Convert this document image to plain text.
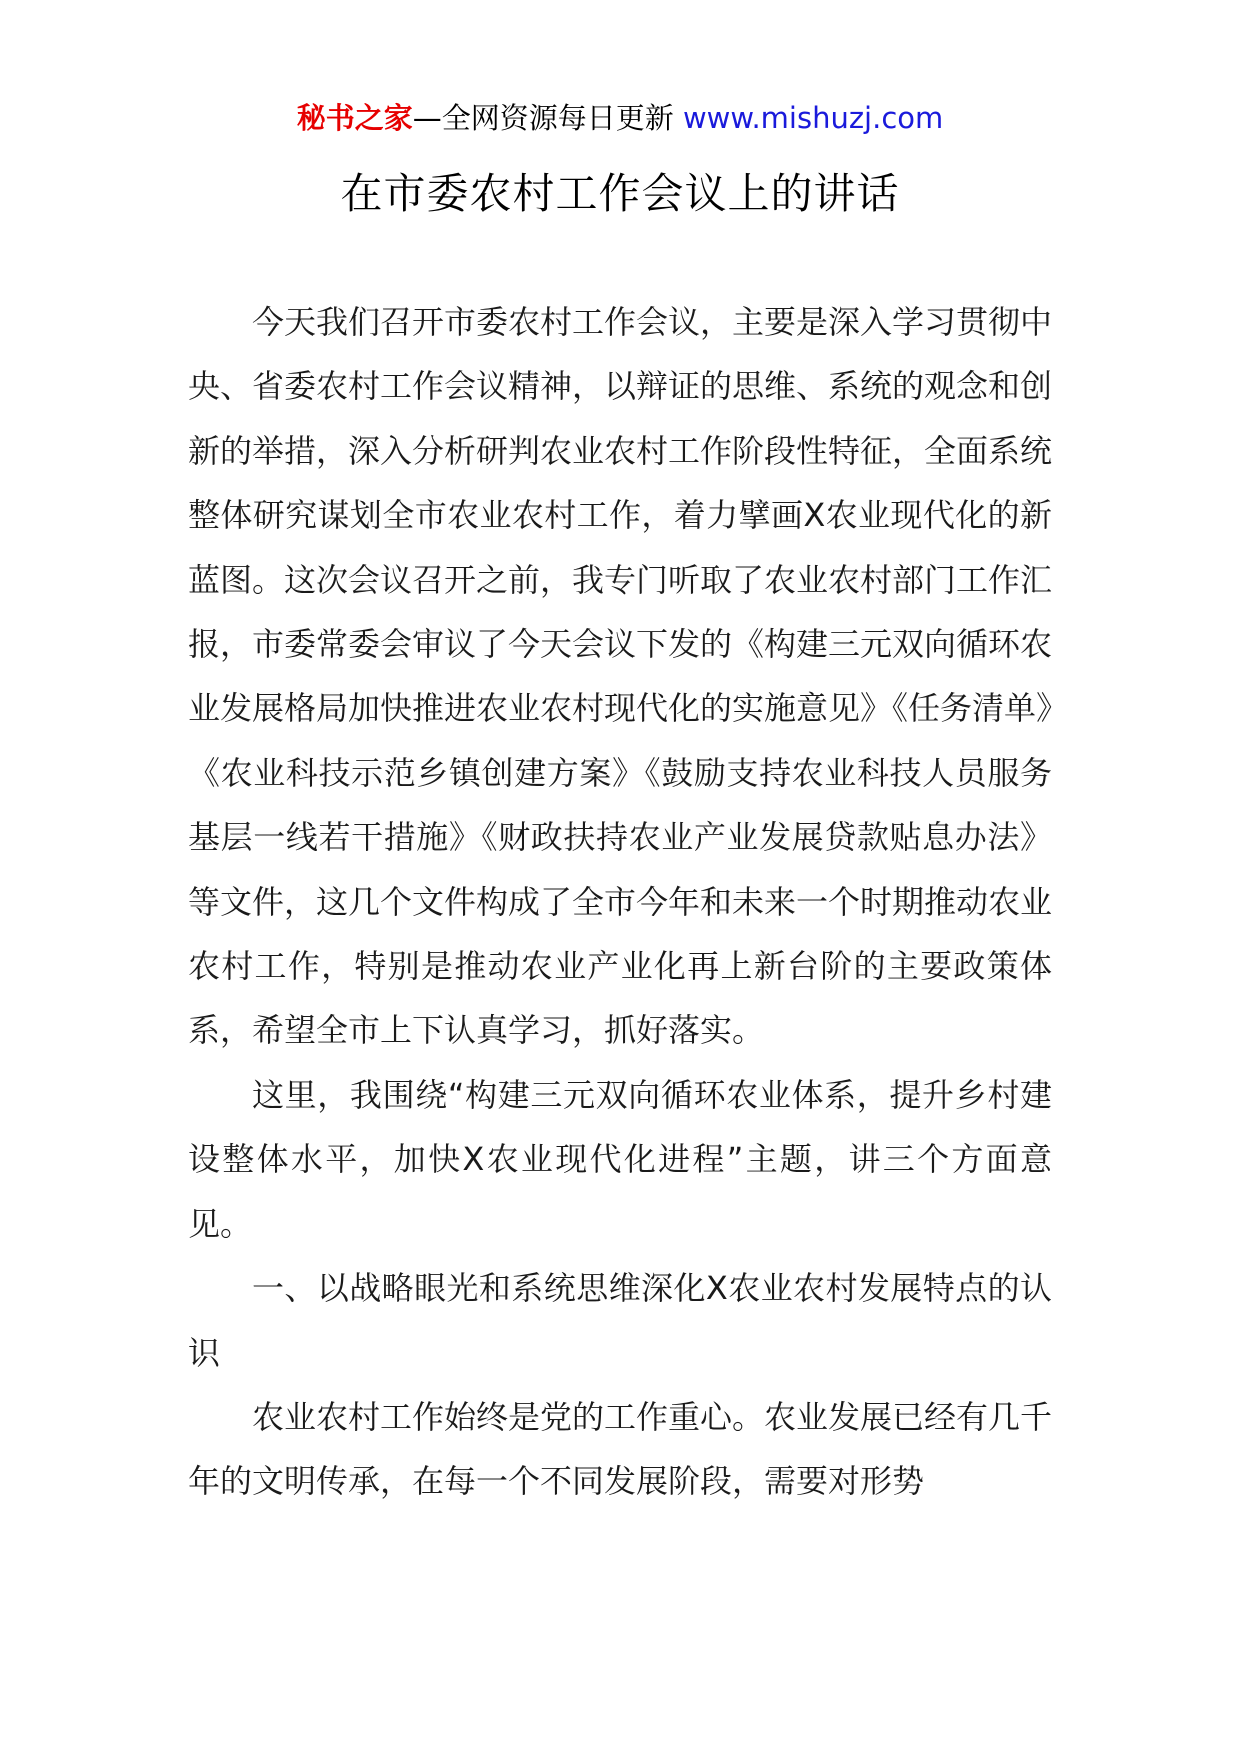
秘书之家—全网资源每日更新 www.mishuzj.com
在市委农村工作会议上的讲话

今天我们召开市委农村工作会议，主要是深入学习贯彻中央、省委农村工作会议精神，以辩证的思维、系统的观念和创新的举措，深入分析研判农业农村工作阶段性特征，全面系统整体研究谋划全市农业农村工作，着力擘画X农业现代化的新蓝图。这次会议召开之前，我专门听取了农业农村部门工作汇报，市委常委会审议了今天会议下发的《构建三元双向循环农业发展格局加快推进农业农村现代化的实施意见》《任务清单》《农业科技示范乡镇创建方案》《鼓励支持农业科技人员服务基层一线若干措施》《财政扶持农业产业发展贷款贴息办法》等文件，这几个文件构成了全市今年和未来一个时期推动农业农村工作，特别是推动农业产业化再上新台阶的主要政策体系，希望全市上下认真学习，抓好落实。

这里，我围绕“构建三元双向循环农业体系，提升乡村建设整体水平，加快X农业现代化进程”主题，讲三个方面意见。

一、以战略眼光和系统思维深化X农业农村发展特点的认识

农业农村工作始终是党的工作重心。农业发展已经有几千年的文明传承，在每一个不同发展阶段，需要对形势
